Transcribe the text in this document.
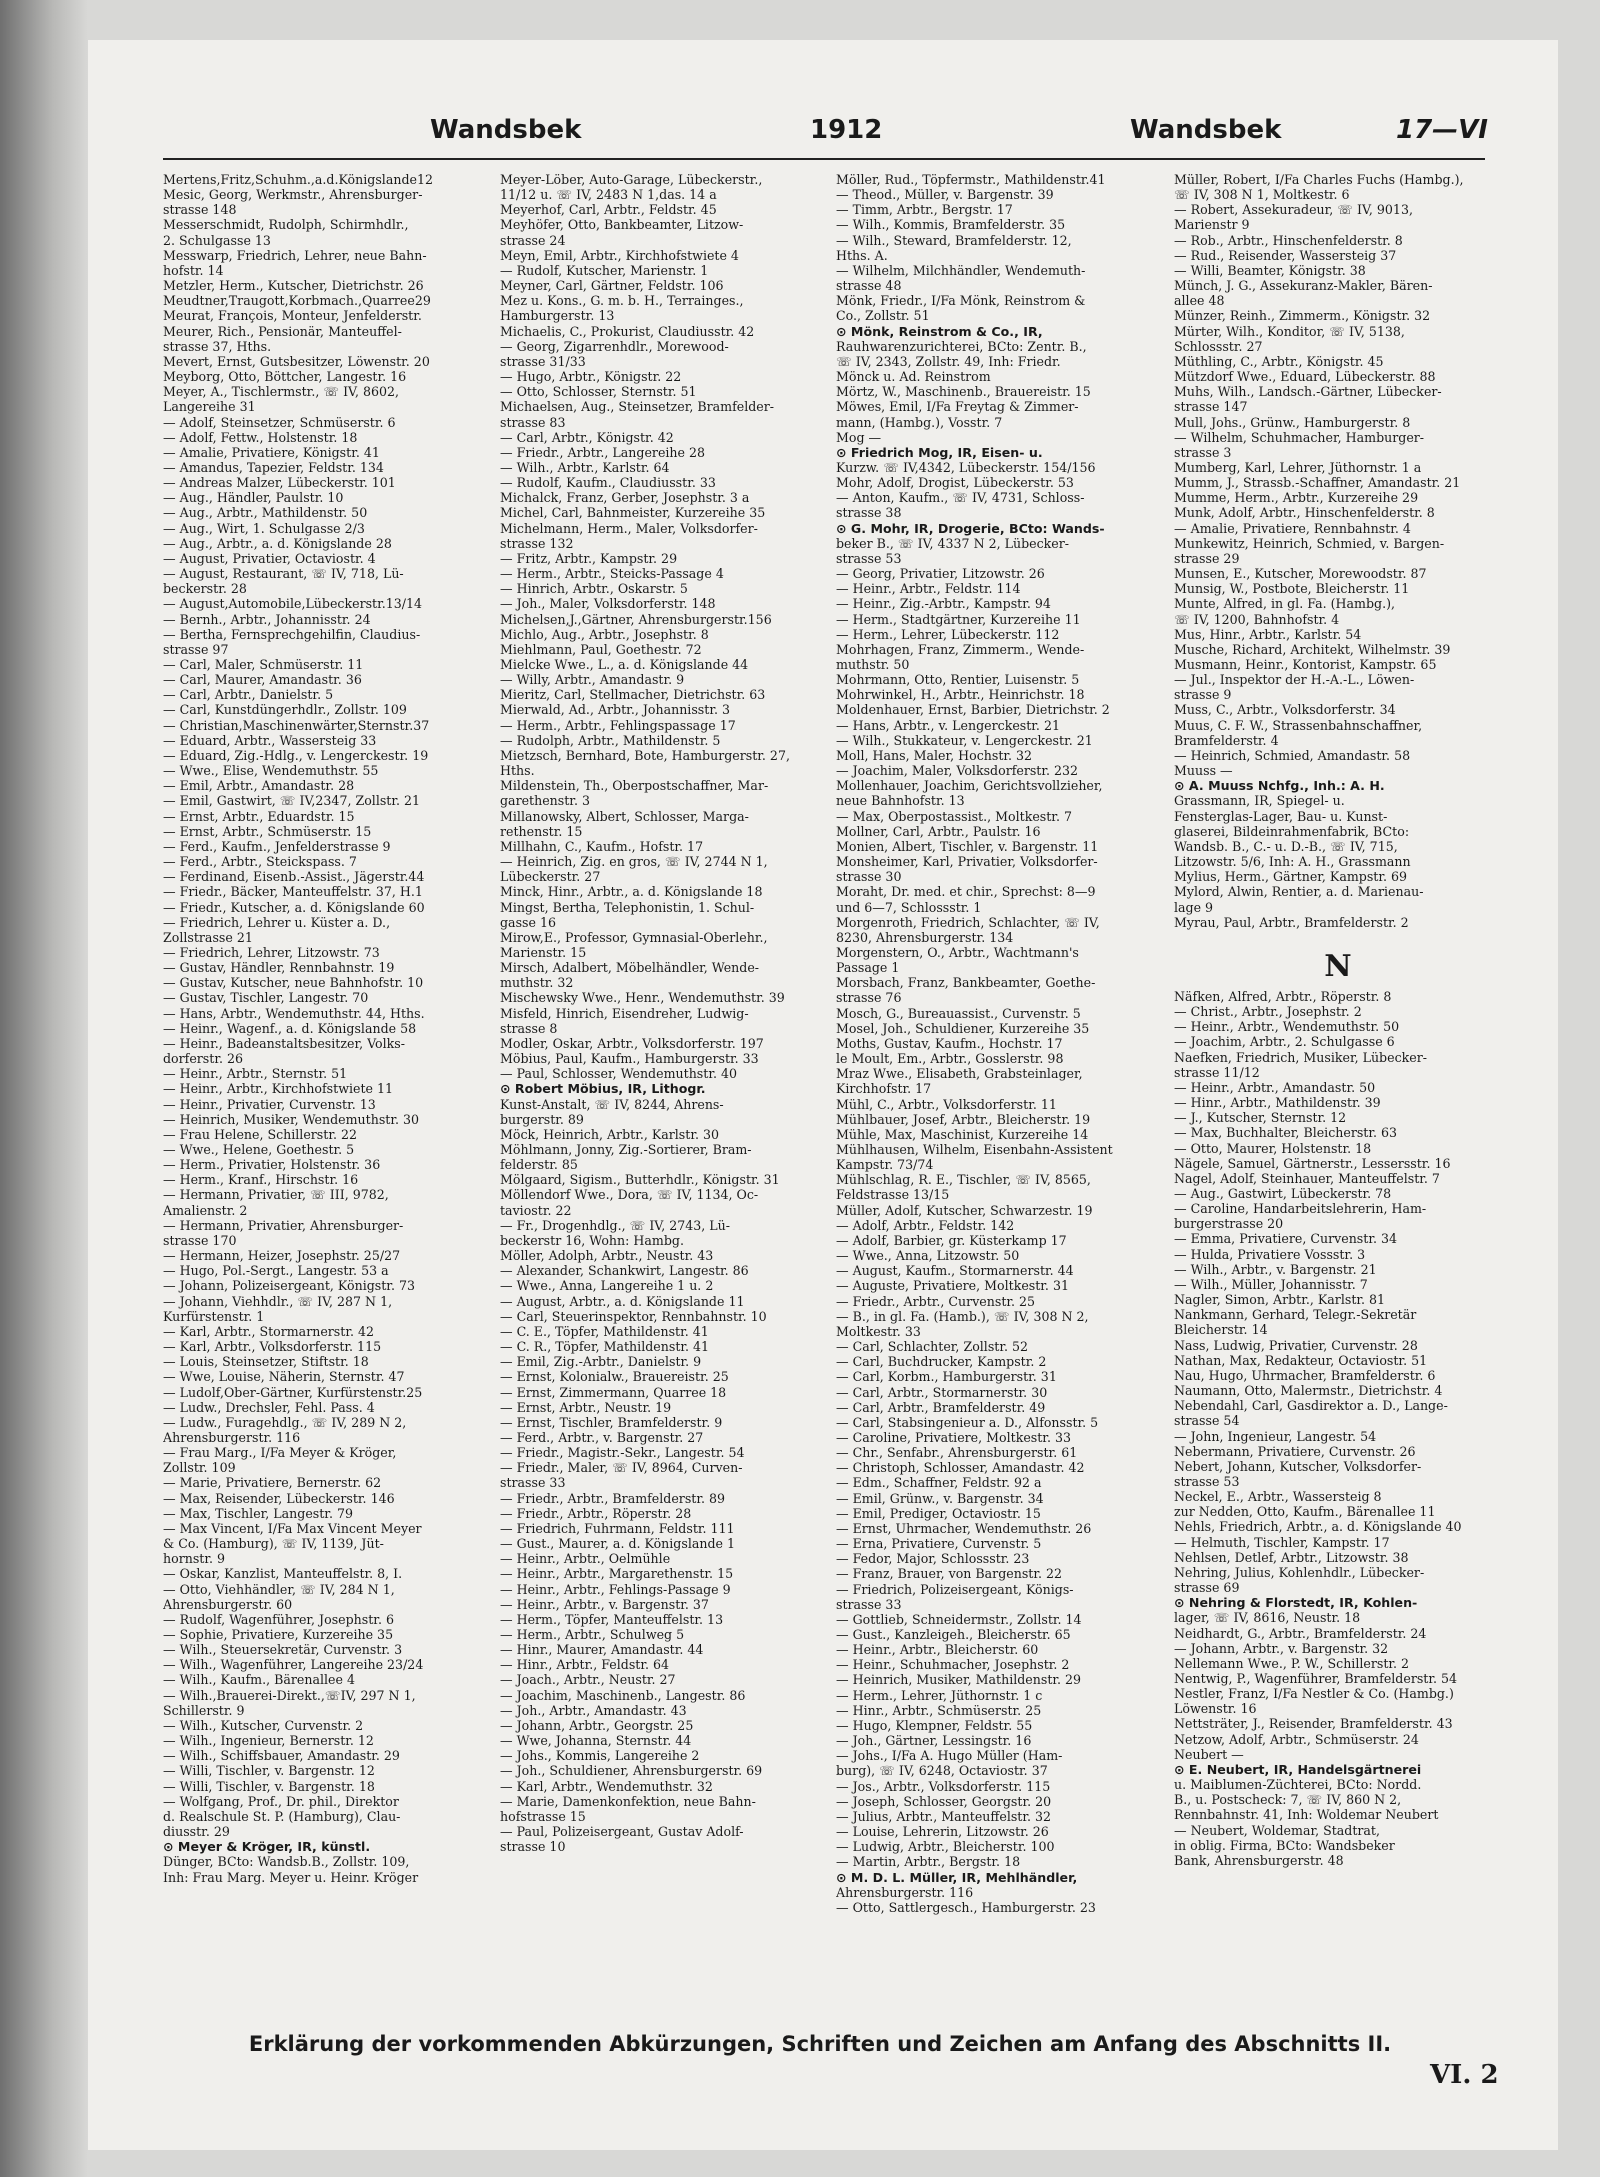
Wandsbek	1912	Wandsbek	17—VI
Mertens,Fritz,Schuhm.,a.d.Königslande12
Mesic, Georg, Werkmstr., Ahrensburger-
strasse 148
Messerschmidt, Rudolph, Schirmhdlr.,
2. Schulgasse 13
Messwarp, Friedrich, Lehrer, neue Bahn-
hofstr. 14
Metzler, Herm., Kutscher, Dietrichstr. 26
Meudtner,Traugott,Korbmach.,Quarree29
Meurat, François, Monteur, Jenfelderstr.
Meurer, Rich., Pensionär, Manteuffel-
strasse 37, Hths.
Mevert, Ernst, Gutsbesitzer, Löwenstr. 20
Meyborg, Otto, Böttcher, Langestr. 16
Meyer, A., Tischlermstr., ☏ IV, 8602,
Langereihe 31
— Adolf, Steinsetzer, Schmüserstr. 6
— Adolf, Fettw., Holstenstr. 18
— Amalie, Privatiere, Königstr. 41
— Amandus, Tapezier, Feldstr. 134
— Andreas Malzer, Lübeckerstr. 101
— Aug., Händler, Paulstr. 10
— Aug., Arbtr., Mathildenstr. 50
— Aug., Wirt, 1. Schulgasse 2/3
— Aug., Arbtr., a. d. Königslande 28
— August, Privatier, Octaviostr. 4
— August, Restaurant, ☏ IV, 718, Lü-
beckerstr. 28
— August,Automobile,Lübeckerstr.13/14
— Bernh., Arbtr., Johannisstr. 24
— Bertha, Fernsprechgehilfin, Claudius-
strasse 97
— Carl, Maler, Schmüserstr. 11
— Carl, Maurer, Amandastr. 36
— Carl, Arbtr., Danielstr. 5
— Carl, Kunstdüngerhdlr., Zollstr. 109
— Christian,Maschinenwärter,Sternstr.37
— Eduard, Arbtr., Wassersteig 33
— Eduard, Zig.-Hdlg., v. Lengerckestr. 19
— Wwe., Elise, Wendemuthstr. 55
— Emil, Arbtr., Amandastr. 28
— Emil, Gastwirt, ☏ IV,2347, Zollstr. 21
— Ernst, Arbtr., Eduardstr. 15
— Ernst, Arbtr., Schmüserstr. 15
— Ferd., Kaufm., Jenfelderstrasse 9
— Ferd., Arbtr., Steickspass. 7
— Ferdinand, Eisenb.-Assist., Jägerstr.44
— Friedr., Bäcker, Manteuffelstr. 37, H.1
— Friedr., Kutscher, a. d. Königslande 60
— Friedrich, Lehrer u. Küster a. D.,
Zollstrasse 21
— Friedrich, Lehrer, Litzowstr. 73
— Gustav, Händler, Rennbahnstr. 19
— Gustav, Kutscher, neue Bahnhofstr. 10
— Gustav, Tischler, Langestr. 70
— Hans, Arbtr., Wendemuthstr. 44, Hths.
— Heinr., Wagenf., a. d. Königslande 58
— Heinr., Badeanstaltsbesitzer, Volks-
dorferstr. 26
— Heinr., Arbtr., Sternstr. 51
— Heinr., Arbtr., Kirchhofstwiete 11
— Heinr., Privatier, Curvenstr. 13
— Heinrich, Musiker, Wendemuthstr. 30
— Frau Helene, Schillerstr. 22
— Wwe., Helene, Goethestr. 5
— Herm., Privatier, Holstenstr. 36
— Herm., Kranf., Hirschstr. 16
— Hermann, Privatier, ☏ III, 9782,
Amalienstr. 2
— Hermann, Privatier, Ahrensburger-
strasse 170
— Hermann, Heizer, Josephstr. 25/27
— Hugo, Pol.-Sergt., Langestr. 53 a
— Johann, Polizeisergeant, Königstr. 73
— Johann, Viehhdlr., ☏ IV, 287 N 1,
Kurfürstenstr. 1
— Karl, Arbtr., Stormarnerstr. 42
— Karl, Arbtr., Volksdorferstr. 115
— Louis, Steinsetzer, Stiftstr. 18
— Wwe, Louise, Näherin, Sternstr. 47
— Ludolf,Ober-Gärtner, Kurfürstenstr.25
— Ludw., Drechsler, Fehl. Pass. 4
— Ludw., Furagehdlg., ☏ IV, 289 N 2,
Ahrensburgerstr. 116
— Frau Marg., I/Fa Meyer & Kröger,
Zollstr. 109
— Marie, Privatiere, Bernerstr. 62
— Max, Reisender, Lübeckerstr. 146
— Max, Tischler, Langestr. 79
— Max Vincent, I/Fa Max Vincent Meyer
& Co. (Hamburg), ☏ IV, 1139, Jüt-
hornstr. 9
— Oskar, Kanzlist, Manteuffelstr. 8, I.
— Otto, Viehhändler, ☏ IV, 284 N 1,
Ahrensburgerstr. 60
— Rudolf, Wagenführer, Josephstr. 6
— Sophie, Privatiere, Kurzereihe 35
— Wilh., Steuersekretär, Curvenstr. 3
— Wilh., Wagenführer, Langereihe 23/24
— Wilh., Kaufm., Bärenallee 4
— Wilh.,Brauerei-Direkt.,☏IV, 297 N 1,
Schillerstr. 9
— Wilh., Kutscher, Curvenstr. 2
— Wilh., Ingenieur, Bernerstr. 12
— Wilh., Schiffsbauer, Amandastr. 29
— Willi, Tischler, v. Bargenstr. 12
— Willi, Tischler, v. Bargenstr. 18
— Wolfgang, Prof., Dr. phil., Direktor
d. Realschule St. P. (Hamburg), Clau-
diusstr. 29
⊙ Meyer & Kröger, IR, künstl.
Dünger, BCto: Wandsb.B., Zollstr. 109,
Inh: Frau Marg. Meyer u. Heinr. Kröger
Meyer-Löber, Auto-Garage, Lübeckerstr.,
11/12 u. ☏ IV, 2483 N 1,das. 14 a
Meyerhof, Carl, Arbtr., Feldstr. 45
Meyhöfer, Otto, Bankbeamter, Litzow-
strasse 24
Meyn, Emil, Arbtr., Kirchhofstwiete 4
— Rudolf, Kutscher, Marienstr. 1
Meyner, Carl, Gärtner, Feldstr. 106
Mez u. Kons., G. m. b. H., Terrainges.,
Hamburgerstr. 13
Michaelis, C., Prokurist, Claudiusstr. 42
— Georg, Zigarrenhdlr., Morewood-
strasse 31/33
— Hugo, Arbtr., Königstr. 22
— Otto, Schlosser, Sternstr. 51
Michaelsen, Aug., Steinsetzer, Bramfelder-
strasse 83
— Carl, Arbtr., Königstr. 42
— Friedr., Arbtr., Langereihe 28
— Wilh., Arbtr., Karlstr. 64
— Rudolf, Kaufm., Claudiusstr. 33
Michalck, Franz, Gerber, Josephstr. 3 a
Michel, Carl, Bahnmeister, Kurzereihe 35
Michelmann, Herm., Maler, Volksdorfer-
strasse 132
— Fritz, Arbtr., Kampstr. 29
— Herm., Arbtr., Steicks-Passage 4
— Hinrich, Arbtr., Oskarstr. 5
— Joh., Maler, Volksdorferstr. 148
Michelsen,J.,Gärtner, Ahrensburgerstr.156
Michlo, Aug., Arbtr., Josephstr. 8
Miehlmann, Paul, Goethestr. 72
Mielcke Wwe., L., a. d. Königslande 44
— Willy, Arbtr., Amandastr. 9
Mieritz, Carl, Stellmacher, Dietrichstr. 63
Mierwald, Ad., Arbtr., Johannisstr. 3
— Herm., Arbtr., Fehlingspassage 17
— Rudolph, Arbtr., Mathildenstr. 5
Mietzsch, Bernhard, Bote, Hamburgerstr. 27,
Hths.
Mildenstein, Th., Oberpostschaffner, Mar-
garethenstr. 3
Millanowsky, Albert, Schlosser, Marga-
rethenstr. 15
Millhahn, C., Kaufm., Hofstr. 17
— Heinrich, Zig. en gros, ☏ IV, 2744 N 1,
Lübeckerstr. 27
Minck, Hinr., Arbtr., a. d. Königslande 18
Mingst, Bertha, Telephonistin, 1. Schul-
gasse 16
Mirow,E., Professor, Gymnasial-Oberlehr.,
Marienstr. 15
Mirsch, Adalbert, Möbelhändler, Wende-
muthstr. 32
Mischewsky Wwe., Henr., Wendemuthstr. 39
Misfeld, Hinrich, Eisendreher, Ludwig-
strasse 8
Modler, Oskar, Arbtr., Volksdorferstr. 197
Möbius, Paul, Kaufm., Hamburgerstr. 33
— Paul, Schlosser, Wendemuthstr. 40
⊙ Robert Möbius, IR, Lithogr.
Kunst-Anstalt, ☏ IV, 8244, Ahrens-
burgerstr. 89
Möck, Heinrich, Arbtr., Karlstr. 30
Möhlmann, Jonny, Zig.-Sortierer, Bram-
felderstr. 85
Mölgaard, Sigism., Butterhdlr., Königstr. 31
Möllendorf Wwe., Dora, ☏ IV, 1134, Oc-
taviostr. 22
— Fr., Drogenhdlg., ☏ IV, 2743, Lü-
beckerstr 16, Wohn: Hambg.
Möller, Adolph, Arbtr., Neustr. 43
— Alexander, Schankwirt, Langestr. 86
— Wwe., Anna, Langereihe 1 u. 2
— August, Arbtr., a. d. Königslande 11
— Carl, Steuerinspektor, Rennbahnstr. 10
— C. E., Töpfer, Mathildenstr. 41
— C. R., Töpfer, Mathildenstr. 41
— Emil, Zig.-Arbtr., Danielstr. 9
— Ernst, Kolonialw., Brauereistr. 25
— Ernst, Zimmermann, Quarree 18
— Ernst, Arbtr., Neustr. 19
— Ernst, Tischler, Bramfelderstr. 9
— Ferd., Arbtr., v. Bargenstr. 27
— Friedr., Magistr.-Sekr., Langestr. 54
— Friedr., Maler, ☏ IV, 8964, Curven-
strasse 33
— Friedr., Arbtr., Bramfelderstr. 89
— Friedr., Arbtr., Röperstr. 28
— Friedrich, Fuhrmann, Feldstr. 111
— Gust., Maurer, a. d. Königslande 1
— Heinr., Arbtr., Oelmühle
— Heinr., Arbtr., Margarethenstr. 15
— Heinr., Arbtr., Fehlings-Passage 9
— Heinr., Arbtr., v. Bargenstr. 37
— Herm., Töpfer, Manteuffelstr. 13
— Herm., Arbtr., Schulweg 5
— Hinr., Maurer, Amandastr. 44
— Hinr., Arbtr., Feldstr. 64
— Joach., Arbtr., Neustr. 27
— Joachim, Maschinenb., Langestr. 86
— Joh., Arbtr., Amandastr. 43
— Johann, Arbtr., Georgstr. 25
— Wwe, Johanna, Sternstr. 44
— Johs., Kommis, Langereihe 2
— Joh., Schuldiener, Ahrensburgerstr. 69
— Karl, Arbtr., Wendemuthstr. 32
— Marie, Damenkonfektion, neue Bahn-
hofstrasse 15
— Paul, Polizeisergeant, Gustav Adolf-
strasse 10
Möller, Rud., Töpfermstr., Mathildenstr.41
— Theod., Müller, v. Bargenstr. 39
— Timm, Arbtr., Bergstr. 17
— Wilh., Kommis, Bramfelderstr. 35
— Wilh., Steward, Bramfelderstr. 12,
Hths. A.
— Wilhelm, Milchhändler, Wendemuth-
strasse 48
Mönk, Friedr., I/Fa Mönk, Reinstrom &
Co., Zollstr. 51
⊙ Mönk, Reinstrom & Co., IR,
Rauhwarenzurichterei, BCto: Zentr. B.,
☏ IV, 2343, Zollstr. 49, Inh: Friedr.
Mönck u. Ad. Reinstrom
Mörtz, W., Maschinenb., Brauereistr. 15
Möwes, Emil, I/Fa Freytag & Zimmer-
mann, (Hambg.), Vosstr. 7
Mog —
⊙ Friedrich Mog, IR, Eisen- u.
Kurzw. ☏ IV,4342, Lübeckerstr. 154/156
Mohr, Adolf, Drogist, Lübeckerstr. 53
— Anton, Kaufm., ☏ IV, 4731, Schloss-
strasse 38
⊙ G. Mohr, IR, Drogerie, BCto: Wands-
beker B., ☏ IV, 4337 N 2, Lübecker-
strasse 53
— Georg, Privatier, Litzowstr. 26
— Heinr., Arbtr., Feldstr. 114
— Heinr., Zig.-Arbtr., Kampstr. 94
— Herm., Stadtgärtner, Kurzereihe 11
— Herm., Lehrer, Lübeckerstr. 112
Mohrhagen, Franz, Zimmerm., Wende-
muthstr. 50
Mohrmann, Otto, Rentier, Luisenstr. 5
Mohrwinkel, H., Arbtr., Heinrichstr. 18
Moldenhauer, Ernst, Barbier, Dietrichstr. 2
— Hans, Arbtr., v. Lengerckestr. 21
— Wilh., Stukkateur, v. Lengerckestr. 21
Moll, Hans, Maler, Hochstr. 32
— Joachim, Maler, Volksdorferstr. 232
Mollenhauer, Joachim, Gerichtsvollzieher,
neue Bahnhofstr. 13
— Max, Oberpostassist., Moltkestr. 7
Mollner, Carl, Arbtr., Paulstr. 16
Monien, Albert, Tischler, v. Bargenstr. 11
Monsheimer, Karl, Privatier, Volksdorfer-
strasse 30
Moraht, Dr. med. et chir., Sprechst: 8—9
und 6—7, Schlossstr. 1
Morgenroth, Friedrich, Schlachter, ☏ IV,
8230, Ahrensburgerstr. 134
Morgenstern, O., Arbtr., Wachtmann's
Passage 1
Morsbach, Franz, Bankbeamter, Goethe-
strasse 76
Mosch, G., Bureauassist., Curvenstr. 5
Mosel, Joh., Schuldiener, Kurzereihe 35
Moths, Gustav, Kaufm., Hochstr. 17
le Moult, Em., Arbtr., Gosslerstr. 98
Mraz Wwe., Elisabeth, Grabsteinlager,
Kirchhofstr. 17
Mühl, C., Arbtr., Volksdorferstr. 11
Mühlbauer, Josef, Arbtr., Bleicherstr. 19
Mühle, Max, Maschinist, Kurzereihe 14
Mühlhausen, Wilhelm, Eisenbahn-Assistent
Kampstr. 73/74
Mühlschlag, R. E., Tischler, ☏ IV, 8565,
Feldstrasse 13/15
Müller, Adolf, Kutscher, Schwarzestr. 19
— Adolf, Arbtr., Feldstr. 142
— Adolf, Barbier, gr. Küsterkamp 17
— Wwe., Anna, Litzowstr. 50
— August, Kaufm., Stormarnerstr. 44
— Auguste, Privatiere, Moltkestr. 31
— Friedr., Arbtr., Curvenstr. 25
— B., in gl. Fa. (Hamb.), ☏ IV, 308 N 2,
Moltkestr. 33
— Carl, Schlachter, Zollstr. 52
— Carl, Buchdrucker, Kampstr. 2
— Carl, Korbm., Hamburgerstr. 31
— Carl, Arbtr., Stormarnerstr. 30
— Carl, Arbtr., Bramfelderstr. 49
— Carl, Stabsingenieur a. D., Alfonsstr. 5
— Caroline, Privatiere, Moltkestr. 33
— Chr., Senfabr., Ahrensburgerstr. 61
— Christoph, Schlosser, Amandastr. 42
— Edm., Schaffner, Feldstr. 92 a
— Emil, Grünw., v. Bargenstr. 34
— Emil, Prediger, Octaviostr. 15
— Ernst, Uhrmacher, Wendemuthstr. 26
— Erna, Privatiere, Curvenstr. 5
— Fedor, Major, Schlossstr. 23
— Franz, Brauer, von Bargenstr. 22
— Friedrich, Polizeisergeant, Königs-
strasse 33
— Gottlieb, Schneidermstr., Zollstr. 14
— Gust., Kanzleigeh., Bleicherstr. 65
— Heinr., Arbtr., Bleicherstr. 60
— Heinr., Schuhmacher, Josephstr. 2
— Heinrich, Musiker, Mathildenstr. 29
— Herm., Lehrer, Jüthornstr. 1 c
— Hinr., Arbtr., Schmüserstr. 25
— Hugo, Klempner, Feldstr. 55
— Joh., Gärtner, Lessingstr. 16
— Johs., I/Fa A. Hugo Müller (Ham-
burg), ☏ IV, 6248, Octaviostr. 37
— Jos., Arbtr., Volksdorferstr. 115
— Joseph, Schlosser, Georgstr. 20
— Julius, Arbtr., Manteuffelstr. 32
— Louise, Lehrerin, Litzowstr. 26
— Ludwig, Arbtr., Bleicherstr. 100
— Martin, Arbtr., Bergstr. 18
⊙ M. D. L. Müller, IR, Mehlhändler,
Ahrensburgerstr. 116
— Otto, Sattlergesch., Hamburgerstr. 23
Müller, Robert, I/Fa Charles Fuchs (Hambg.),
☏ IV, 308 N 1, Moltkestr. 6
— Robert, Assekuradeur, ☏ IV, 9013,
Marienstr 9
— Rob., Arbtr., Hinschenfelderstr. 8
— Rud., Reisender, Wassersteig 37
— Willi, Beamter, Königstr. 38
Münch, J. G., Assekuranz-Makler, Bären-
allee 48
Münzer, Reinh., Zimmerm., Königstr. 32
Mürter, Wilh., Konditor, ☏ IV, 5138,
Schlossstr. 27
Müthling, C., Arbtr., Königstr. 45
Mützdorf Wwe., Eduard, Lübeckerstr. 88
Muhs, Wilh., Landsch.-Gärtner, Lübecker-
strasse 147
Mull, Johs., Grünw., Hamburgerstr. 8
— Wilhelm, Schuhmacher, Hamburger-
strasse 3
Mumberg, Karl, Lehrer, Jüthornstr. 1 a
Mumm, J., Strassb.-Schaffner, Amandastr. 21
Mumme, Herm., Arbtr., Kurzereihe 29
Munk, Adolf, Arbtr., Hinschenfelderstr. 8
— Amalie, Privatiere, Rennbahnstr. 4
Munkewitz, Heinrich, Schmied, v. Bargen-
strasse 29
Munsen, E., Kutscher, Morewoodstr. 87
Munsig, W., Postbote, Bleicherstr. 11
Munte, Alfred, in gl. Fa. (Hambg.),
☏ IV, 1200, Bahnhofstr. 4
Mus, Hinr., Arbtr., Karlstr. 54
Musche, Richard, Architekt, Wilhelmstr. 39
Musmann, Heinr., Kontorist, Kampstr. 65
— Jul., Inspektor der H.-A.-L., Löwen-
strasse 9
Muss, C., Arbtr., Volksdorferstr. 34
Muus, C. F. W., Strassenbahnschaffner,
Bramfelderstr. 4
— Heinrich, Schmied, Amandastr. 58
Muuss —
⊙ A. Muuss Nchfg., Inh.: A. H.
Grassmann, IR, Spiegel- u.
Fensterglas-Lager, Bau- u. Kunst-
glaserei, Bildeinrahmenfabrik, BCto:
Wandsb. B., C.- u. D.-B., ☏ IV, 715,
Litzowstr. 5/6, Inh: A. H., Grassmann
Mylius, Herm., Gärtner, Kampstr. 69
Mylord, Alwin, Rentier, a. d. Marienau-
lage 9
Myrau, Paul, Arbtr., Bramfelderstr. 2

N
Näfken, Alfred, Arbtr., Röperstr. 8
— Christ., Arbtr., Josephstr. 2
— Heinr., Arbtr., Wendemuthstr. 50
— Joachim, Arbtr., 2. Schulgasse 6
Naefken, Friedrich, Musiker, Lübecker-
strasse 11/12
— Heinr., Arbtr., Amandastr. 50
— Hinr., Arbtr., Mathildenstr. 39
— J., Kutscher, Sternstr. 12
— Max, Buchhalter, Bleicherstr. 63
— Otto, Maurer, Holstenstr. 18
Nägele, Samuel, Gärtnerstr., Lessersstr. 16
Nagel, Adolf, Steinhauer, Manteuffelstr. 7
— Aug., Gastwirt, Lübeckerstr. 78
— Caroline, Handarbeitslehrerin, Ham-
burgerstrasse 20
— Emma, Privatiere, Curvenstr. 34
— Hulda, Privatiere Vossstr. 3
— Wilh., Arbtr., v. Bargenstr. 21
— Wilh., Müller, Johannisstr. 7
Nagler, Simon, Arbtr., Karlstr. 81
Nankmann, Gerhard, Telegr.-Sekretär
Bleicherstr. 14
Nass, Ludwig, Privatier, Curvenstr. 28
Nathan, Max, Redakteur, Octaviostr. 51
Nau, Hugo, Uhrmacher, Bramfelderstr. 6
Naumann, Otto, Malermstr., Dietrichstr. 4
Nebendahl, Carl, Gasdirektor a. D., Lange-
strasse 54
— John, Ingenieur, Langestr. 54
Nebermann, Privatiere, Curvenstr. 26
Nebert, Johann, Kutscher, Volksdorfer-
strasse 53
Neckel, E., Arbtr., Wassersteig 8
zur Nedden, Otto, Kaufm., Bärenallee 11
Nehls, Friedrich, Arbtr., a. d. Königslande 40
— Helmuth, Tischler, Kampstr. 17
Nehlsen, Detlef, Arbtr., Litzowstr. 38
Nehring, Julius, Kohlenhdlr., Lübecker-
strasse 69
⊙ Nehring & Florstedt, IR, Kohlen-
lager, ☏ IV, 8616, Neustr. 18
Neidhardt, G., Arbtr., Bramfelderstr. 24
— Johann, Arbtr., v. Bargenstr. 32
Nellemann Wwe., P. W., Schillerstr. 2
Nentwig, P., Wagenführer, Bramfelderstr. 54
Nestler, Franz, I/Fa Nestler & Co. (Hambg.)
Löwenstr. 16
Nettsträter, J., Reisender, Bramfelderstr. 43
Netzow, Adolf, Arbtr., Schmüserstr. 24
Neubert —
⊙ E. Neubert, IR, Handelsgärtnerei
u. Maiblumen-Züchterei, BCto: Nordd.
B., u. Postscheck: 7, ☏ IV, 860 N 2,
Rennbahnstr. 41, Inh: Woldemar Neubert
— Neubert, Woldemar, Stadtrat,
in oblig. Firma, BCto: Wandsbeker
Bank, Ahrensburgerstr. 48
Erklärung der vorkommenden Abkürzungen, Schriften und Zeichen am Anfang des Abschnitts II.
VI. 2
